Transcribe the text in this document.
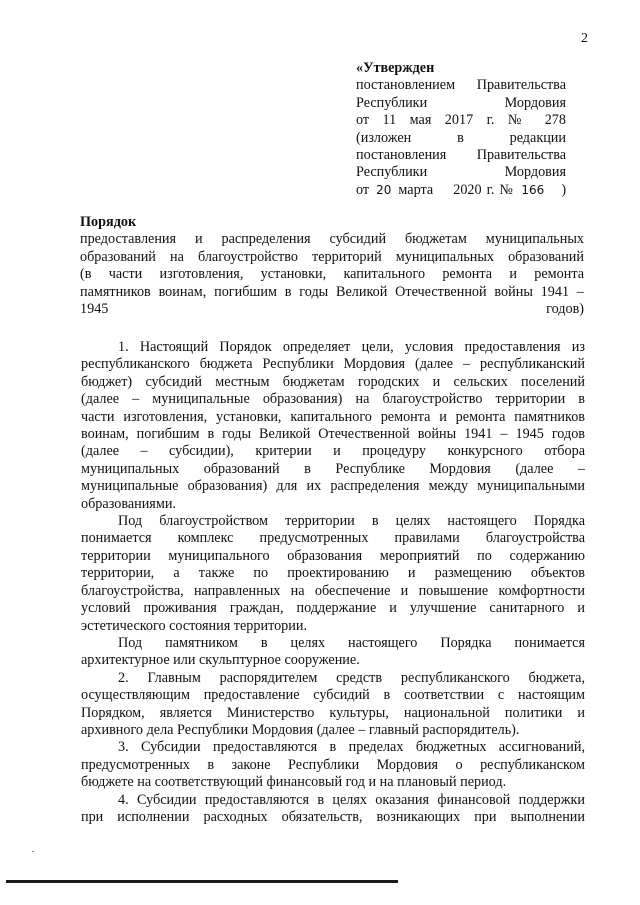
2
«Утвержден
постановлением Правительства
Республики Мордовия
от 11 мая 2017 г. № 278
(изложен в редакции
постановления Правительства
Республики Мордовия
от 20 марта 2020 г. № 166 )
Порядок
предоставления и распределения субсидий бюджетам муниципальных
образований на благоустройство территорий муниципальных образований
(в части изготовления, установки, капитального ремонта и ремонта
памятников воинам, погибшим в годы Великой Отечественной войны 1941 –
1945 годов)
1. Настоящий Порядок определяет цели, условия предоставления из
республиканского бюджета Республики Мордовия (далее – республиканский
бюджет) субсидий местным бюджетам городских и сельских поселений
(далее – муниципальные образования) на благоустройство территории в
части изготовления, установки, капитального ремонта и ремонта памятников
воинам, погибшим в годы Великой Отечественной войны 1941 – 1945 годов
(далее – субсидии), критерии и процедуру конкурсного отбора
муниципальных образований в Республике Мордовия (далее –
муниципальные образования) для их распределения между муниципальными
образованиями.
Под благоустройством территории в целях настоящего Порядка
понимается комплекс предусмотренных правилами благоустройства
территории муниципального образования мероприятий по содержанию
территории, а также по проектированию и размещению объектов
благоустройства, направленных на обеспечение и повышение комфортности
условий проживания граждан, поддержание и улучшение санитарного и
эстетического состояния территории.
Под памятником в целях настоящего Порядка понимается
архитектурное или скульптурное сооружение.
2. Главным распорядителем средств республиканского бюджета,
осуществляющим предоставление субсидий в соответствии с настоящим
Порядком, является Министерство культуры, национальной политики и
архивного дела Республики Мордовия (далее – главный распорядитель).
3. Субсидии предоставляются в пределах бюджетных ассигнований,
предусмотренных в законе Республики Мордовия о республиканском
бюджете на соответствующий финансовый год и на плановый период.
4. Субсидии предоставляются в целях оказания финансовой поддержки
при исполнении расходных обязательств, возникающих при выполнении
